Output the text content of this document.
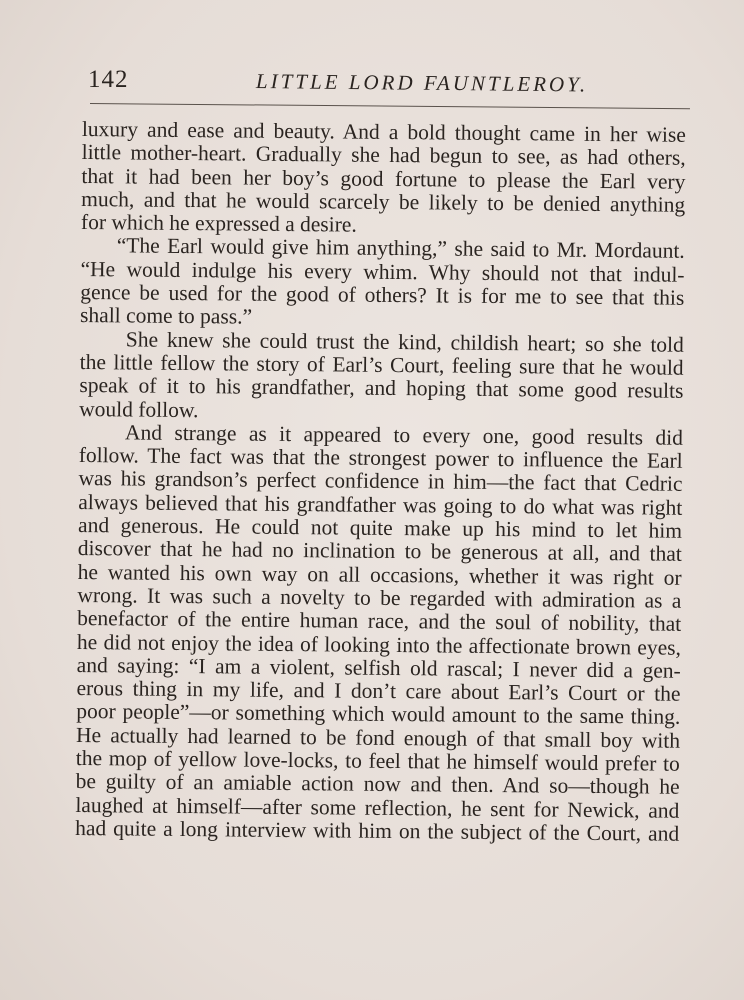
142	LITTLE LORD FAUNTLEROY.
luxury and ease and beauty. And a bold thought came in her wise
little mother-heart. Gradually she had begun to see, as had others,
that it had been her boy’s good fortune to please the Earl very
much, and that he would scarcely be likely to be denied anything
for which he expressed a desire.
“The Earl would give him anything,” she said to Mr. Mordaunt.
“He would indulge his every whim. Why should not that indul-
gence be used for the good of others? It is for me to see that this
shall come to pass.”
She knew she could trust the kind, childish heart; so she told
the little fellow the story of Earl’s Court, feeling sure that he would
speak of it to his grandfather, and hoping that some good results
would follow.
And strange as it appeared to every one, good results did
follow. The fact was that the strongest power to influence the Earl
was his grandson’s perfect confidence in him—the fact that Cedric
always believed that his grandfather was going to do what was right
and generous. He could not quite make up his mind to let him
discover that he had no inclination to be generous at all, and that
he wanted his own way on all occasions, whether it was right or
wrong. It was such a novelty to be regarded with admiration as a
benefactor of the entire human race, and the soul of nobility, that
he did not enjoy the idea of looking into the affectionate brown eyes,
and saying: “I am a violent, selfish old rascal; I never did a gen-
erous thing in my life, and I don’t care about Earl’s Court or the
poor people”—or something which would amount to the same thing.
He actually had learned to be fond enough of that small boy with
the mop of yellow love-locks, to feel that he himself would prefer to
be guilty of an amiable action now and then. And so—though he
laughed at himself—after some reflection, he sent for Newick, and
had quite a long interview with him on the subject of the Court, and
